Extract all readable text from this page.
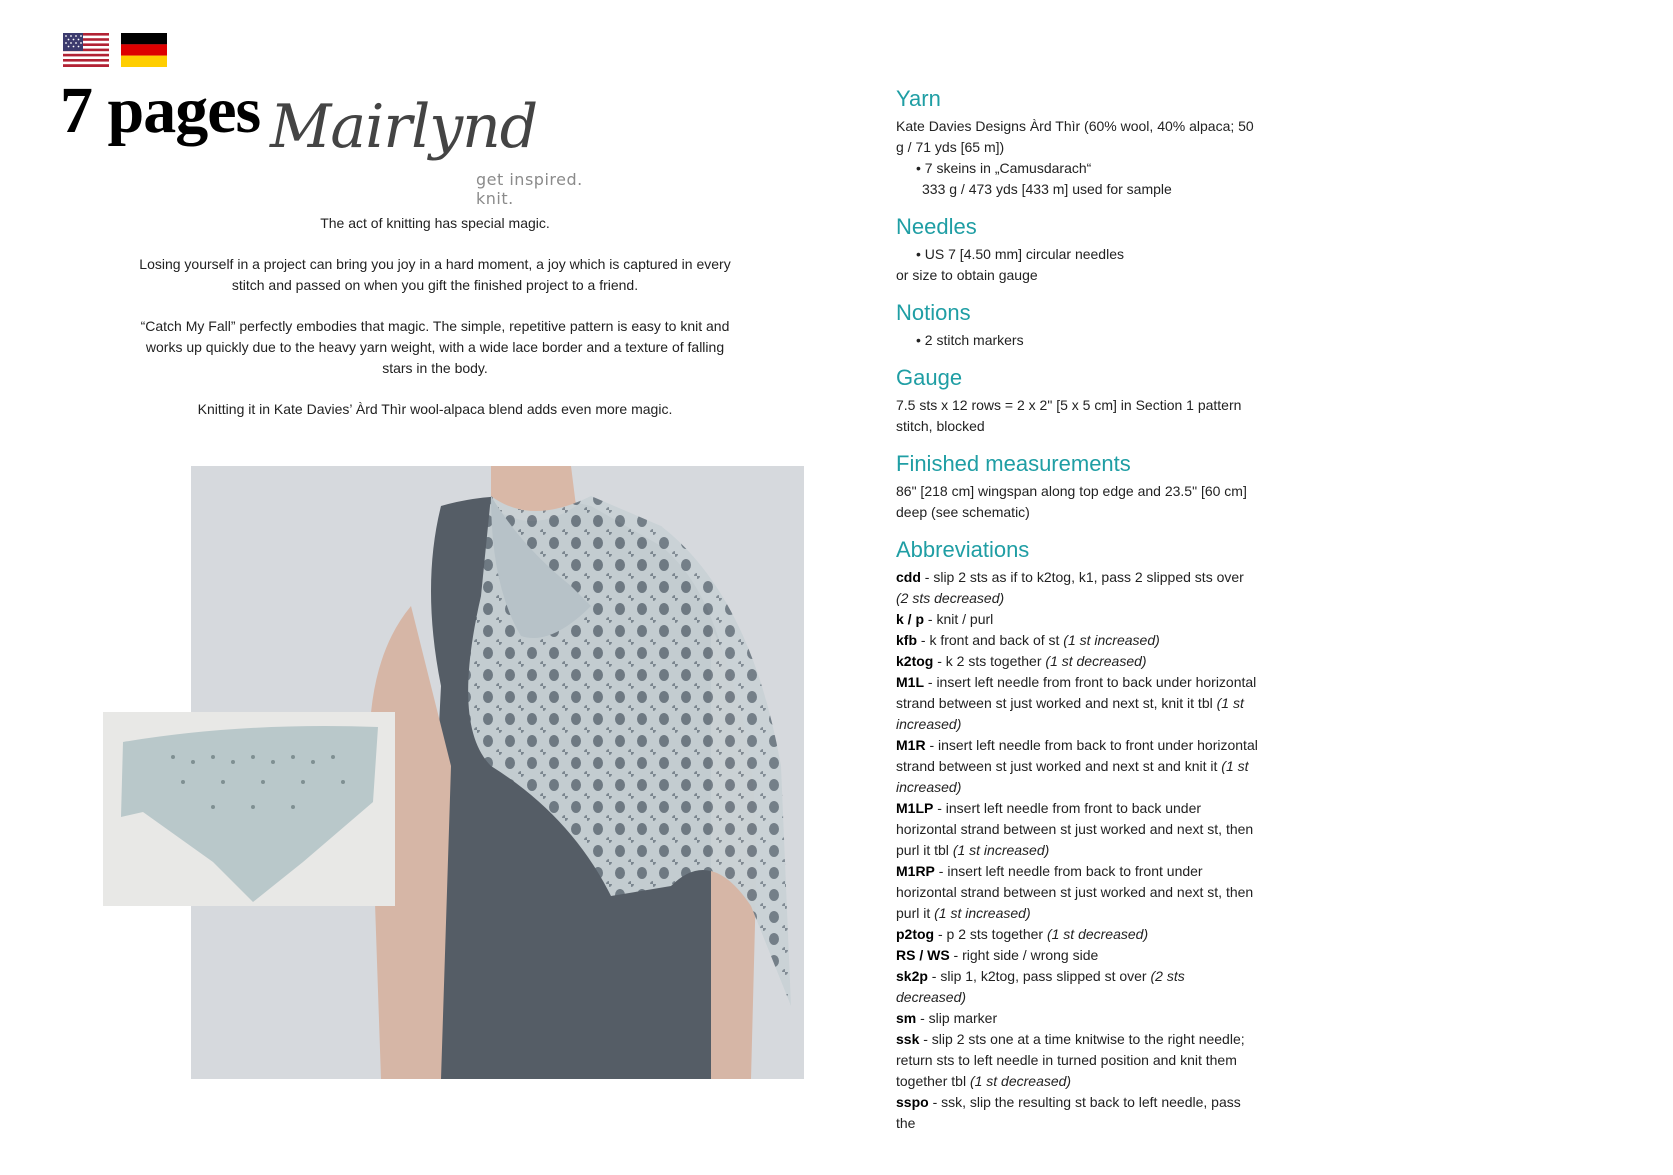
7 pages Mairlynd
get inspired. knit.

The act of knitting has special magic.

Losing yourself in a project can bring you joy in a hard moment, a joy which is captured in every stitch and passed on when you gift the finished project to a friend.

“Catch My Fall” perfectly embodies that magic. The simple, repetitive pattern is easy to knit and works up quickly due to the heavy yarn weight, with a wide lace border and a texture of falling stars in the body.

Knitting it in Kate Davies’ Àrd Thìr wool-alpaca blend adds even more magic.

Yarn

Kate Davies Designs Àrd Thìr (60% wool, 40% alpaca; 50 g / 71 yds [65 m])

• 7 skeins in „Camusdarach“

333 g / 473 yds [433 m] used for sample

Needles

• US 7 [4.50 mm] circular needles

or size to obtain gauge

Notions

• 2 stitch markers

Gauge

7.5 sts x 12 rows = 2 x 2" [5 x 5 cm] in Section 1 pattern stitch, blocked

Finished measurements

86" [218 cm] wingspan along top edge and 23.5" [60 cm] deep (see schematic)

Abbreviations

cdd - slip 2 sts as if to k2tog, k1, pass 2 slipped sts over (2 sts decreased)

k / p - knit / purl

kfb - k front and back of st (1 st increased)

k2tog - k 2 sts together (1 st decreased)

M1L - insert left needle from front to back under horizontal strand between st just worked and next st, knit it tbl (1 st increased)

M1R - insert left needle from back to front under horizontal strand between st just worked and next st and knit it (1 st increased)

M1LP - insert left needle from front to back under horizontal strand between st just worked and next st, then purl it tbl (1 st increased)

M1RP - insert left needle from back to front under horizontal strand between st just worked and next st, then purl it (1 st increased)

p2tog - p 2 sts together (1 st decreased)

RS / WS - right side / wrong side

sk2p - slip 1, k2tog, pass slipped st over (2 sts decreased)

sm - slip marker

ssk - slip 2 sts one at a time knitwise to the right needle; return sts to left needle in turned position and knit them together tbl (1 st decreased)

sspo - ssk, slip the resulting st back to left needle, pass the
